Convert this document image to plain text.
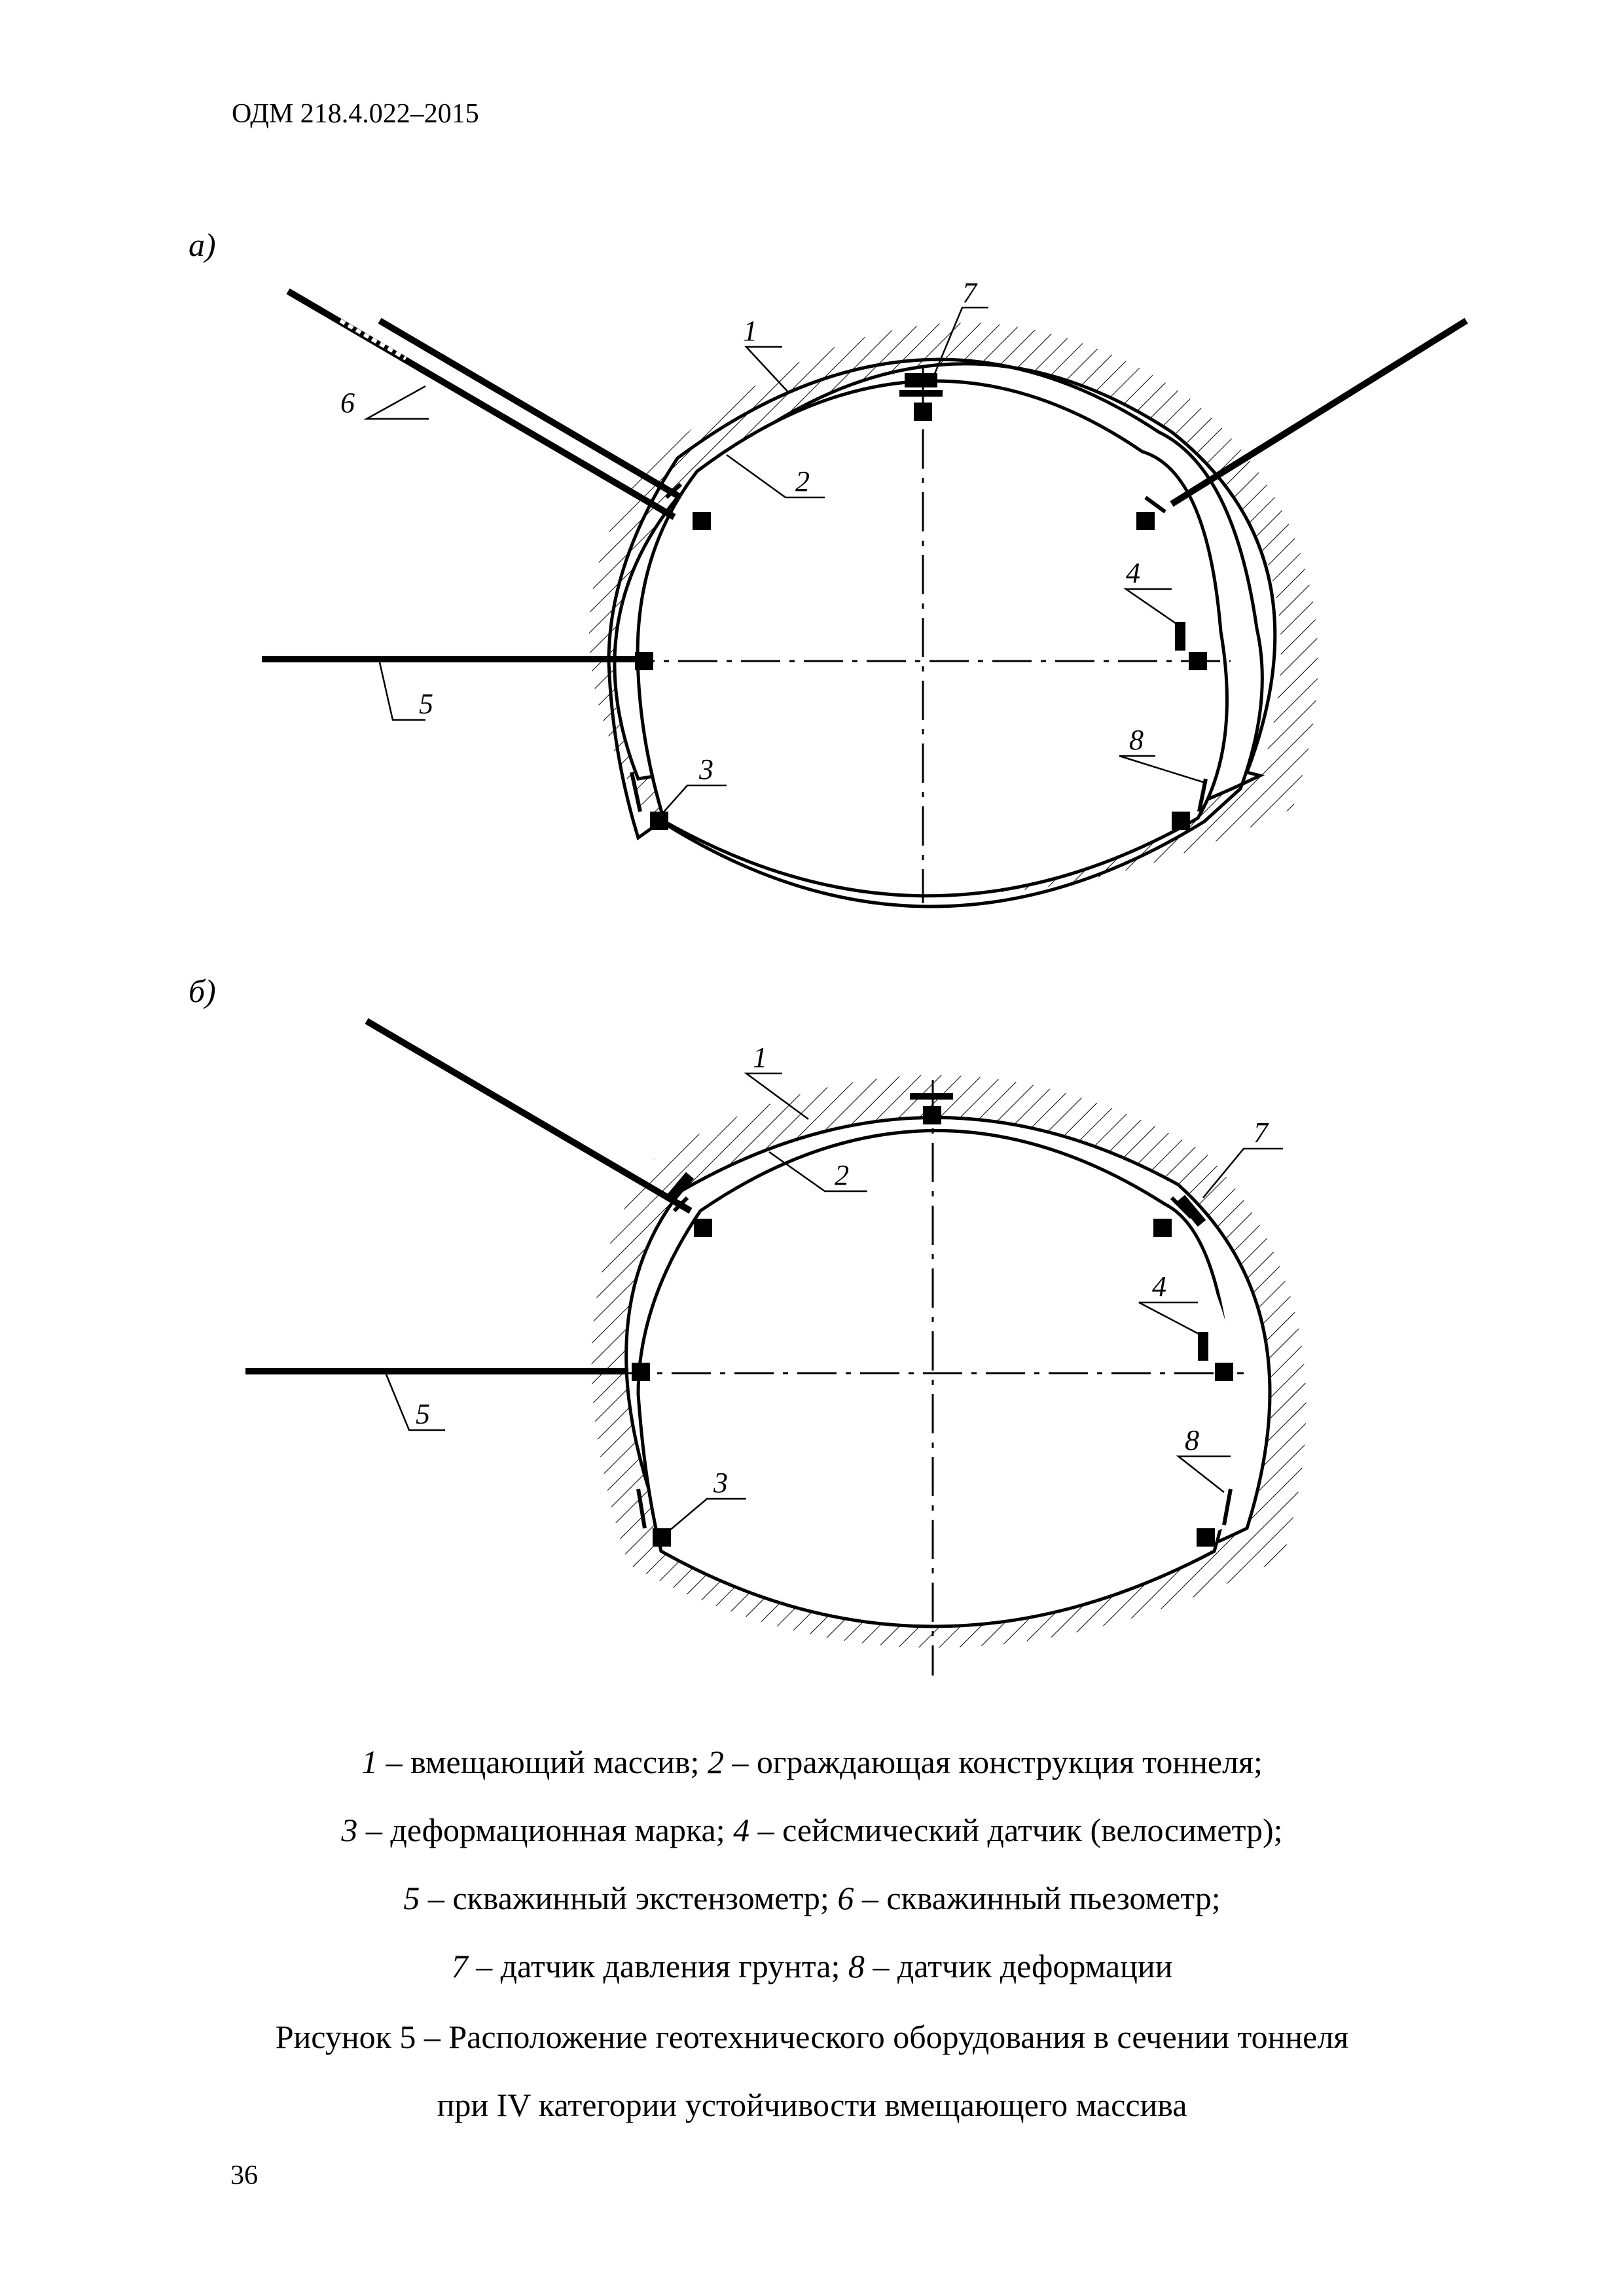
ОДМ 218.4.022–2015
а)
1
2
3
4
5
6
7
8
б)
1
2
3
4
5
7
8

1 – вмещающий массив; 2 – ограждающая конструкция тоннеля;

3 – деформационная марка; 4 – сейсмический датчик (велосиметр);

5 – скважинный экстензометр; 6 – скважинный пьезометр;

7 – датчик давления грунта; 8 – датчик деформации

Рисунок 5 – Расположение геотехнического оборудования в сечении тоннеля

при IV категории устойчивости вмещающего массива

36
